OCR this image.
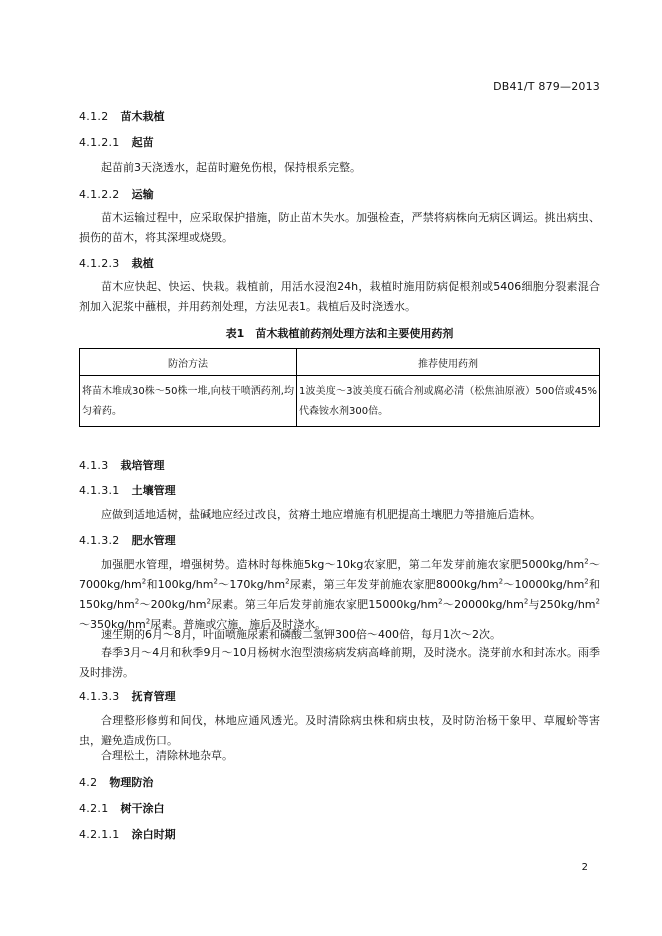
DB41/T 879—2013
4.1.2 苗木栽植
4.1.2.1 起苗
起苗前3天浇透水，起苗时避免伤根，保持根系完整。
4.1.2.2 运输
苗木运输过程中，应采取保护措施，防止苗木失水。加强检查，严禁将病株向无病区调运。挑出病虫、损伤的苗木，将其深埋或烧毁。
4.1.2.3 栽植
苗木应快起、快运、快栽。栽植前，用活水浸泡24h，栽植时施用防病促根剂或5406细胞分裂素混合剂加入泥浆中蘸根，并用药剂处理，方法见表1。栽植后及时浇透水。
表1　苗木栽植前药剂处理方法和主要使用药剂
防治方法	推荐使用药剂
将苗木堆成30株～50株一堆,向枝干喷洒药剂,均匀着药。	1波美度～3波美度石硫合剂或腐必清（松焦油原液）500倍或45%代森铵水剂300倍。
4.1.3 栽培管理
4.1.3.1 土壤管理
应做到适地适树，盐碱地应经过改良，贫瘠土地应增施有机肥提高土壤肥力等措施后造林。
4.1.3.2 肥水管理
加强肥水管理，增强树势。造林时每株施5kg～10kg农家肥，第二年发芽前施农家肥$5000kg/hm^2\sim 7000kg/hm^2$和$100kg/hm^2\sim 170kg/hm^2$尿素，第三年发芽前施农家肥$8000kg/hm^2\sim 10000kg/hm^2$和$150kg/hm^2\sim 200kg/hm^2$尿素。第三年后发芽前施农家肥$15000kg/hm^2\sim 20000kg/hm^2$与$250kg/hm^2\sim 350kg/hm^2$尿素。普施或穴施，施后及时浇水。
速生期的6月～8月，叶面喷施尿素和磷酸二氢钾300倍～400倍，每月1次～2次。
春季3月～4月和秋季9月～10月杨树水泡型溃疡病发病高峰前期，及时浇水。浇芽前水和封冻水。雨季及时排涝。
4.1.3.3 抚育管理
合理整形修剪和间伐，林地应通风透光。及时清除病虫株和病虫枝，及时防治杨干象甲、草履蚧等害虫，避免造成伤口。
合理松土，清除林地杂草。
4.2 物理防治
4.2.1 树干涂白
4.2.1.1 涂白时期
2
